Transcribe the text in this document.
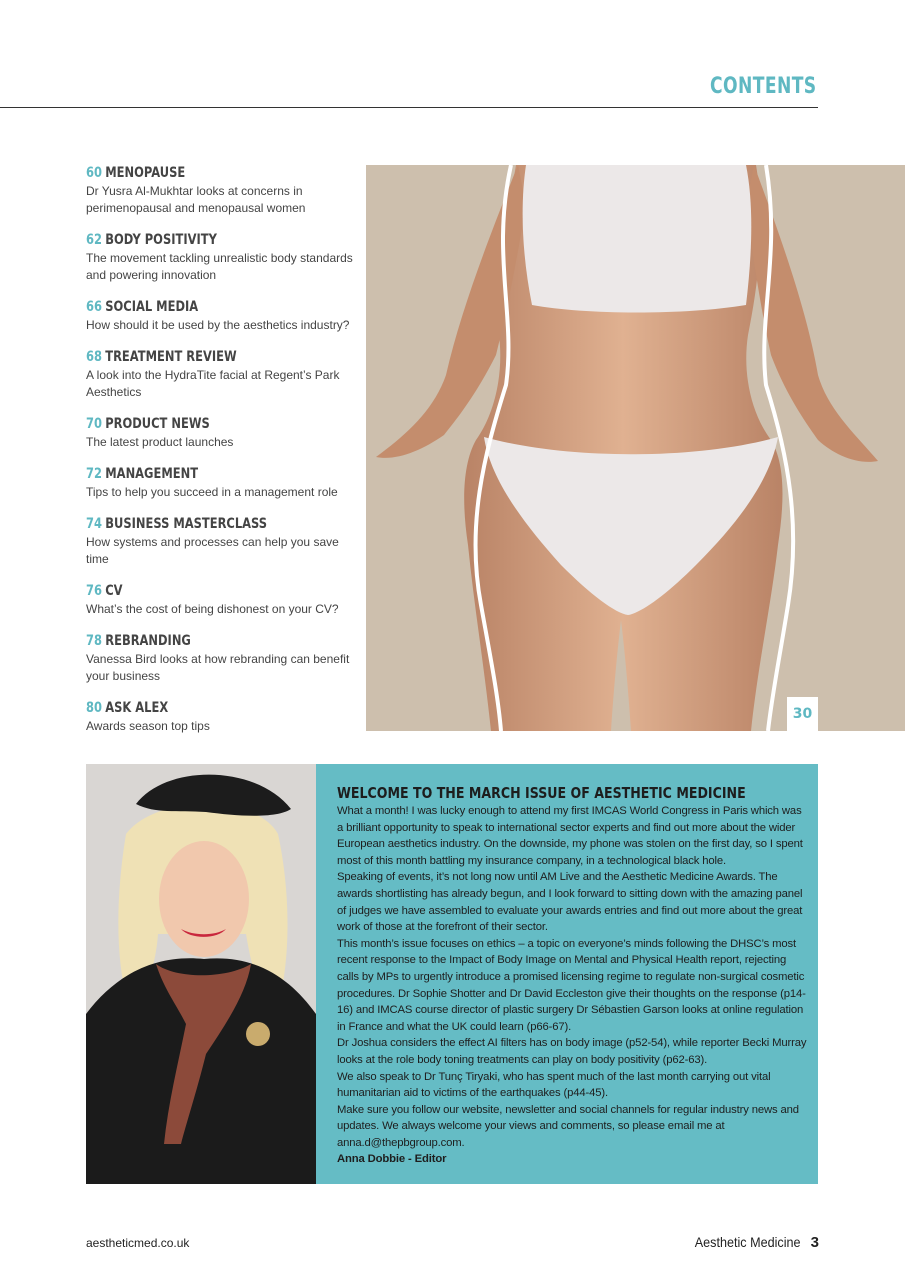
CONTENTS
60 MENOPAUSE
Dr Yusra Al-Mukhtar looks at concerns in perimenopausal and menopausal women
62 BODY POSITIVITY
The movement tackling unrealistic body standards and powering innovation
66 SOCIAL MEDIA
How should it be used by the aesthetics industry?
68 TREATMENT REVIEW
A look into the HydraTite facial at Regent’s Park Aesthetics
70 PRODUCT NEWS
The latest product launches
72 MANAGEMENT
Tips to help you succeed in a management role
74 BUSINESS MASTERCLASS
How systems and processes can help you save time
76 CV
What’s the cost of being dishonest on your CV?
78 REBRANDING
Vanessa Bird looks at how rebranding can benefit your business
80 ASK ALEX
Awards season top tips
30
WELCOME TO THE MARCH ISSUE OF AESTHETIC MEDICINE

What a month! I was lucky enough to attend my first IMCAS World Congress in Paris which was a brilliant opportunity to speak to international sector experts and find out more about the wider European aesthetics industry. On the downside, my phone was stolen on the first day, so I spent most of this month battling my insurance company, in a technological black hole.

Speaking of events, it’s not long now until AM Live and the Aesthetic Medicine Awards. The awards shortlisting has already begun, and I look forward to sitting down with the amazing panel of judges we have assembled to evaluate your awards entries and find out more about the great work of those at the forefront of their sector.

This month’s issue focuses on ethics – a topic on everyone’s minds following the DHSC’s most recent response to the Impact of Body Image on Mental and Physical Health report, rejecting calls by MPs to urgently introduce a promised licensing regime to regulate non-surgical cosmetic procedures. Dr Sophie Shotter and Dr David Eccleston give their thoughts on the response (p14-16) and IMCAS course director of plastic surgery Dr Sébastien Garson looks at online regulation in France and what the UK could learn (p66-67).

Dr Joshua considers the effect AI filters has on body image (p52-54), while reporter Becki Murray looks at the role body toning treatments can play on body positivity (p62-63).

We also speak to Dr Tunç Tiryaki, who has spent much of the last month carrying out vital humanitarian aid to victims of the earthquakes (p44-45).

Make sure you follow our website, newsletter and social channels for regular industry news and updates. We always welcome your views and comments, so please email me at anna.d@thepbgroup.com.

Anna Dobbie - Editor

aestheticmed.co.uk	Aesthetic Medicine 3
